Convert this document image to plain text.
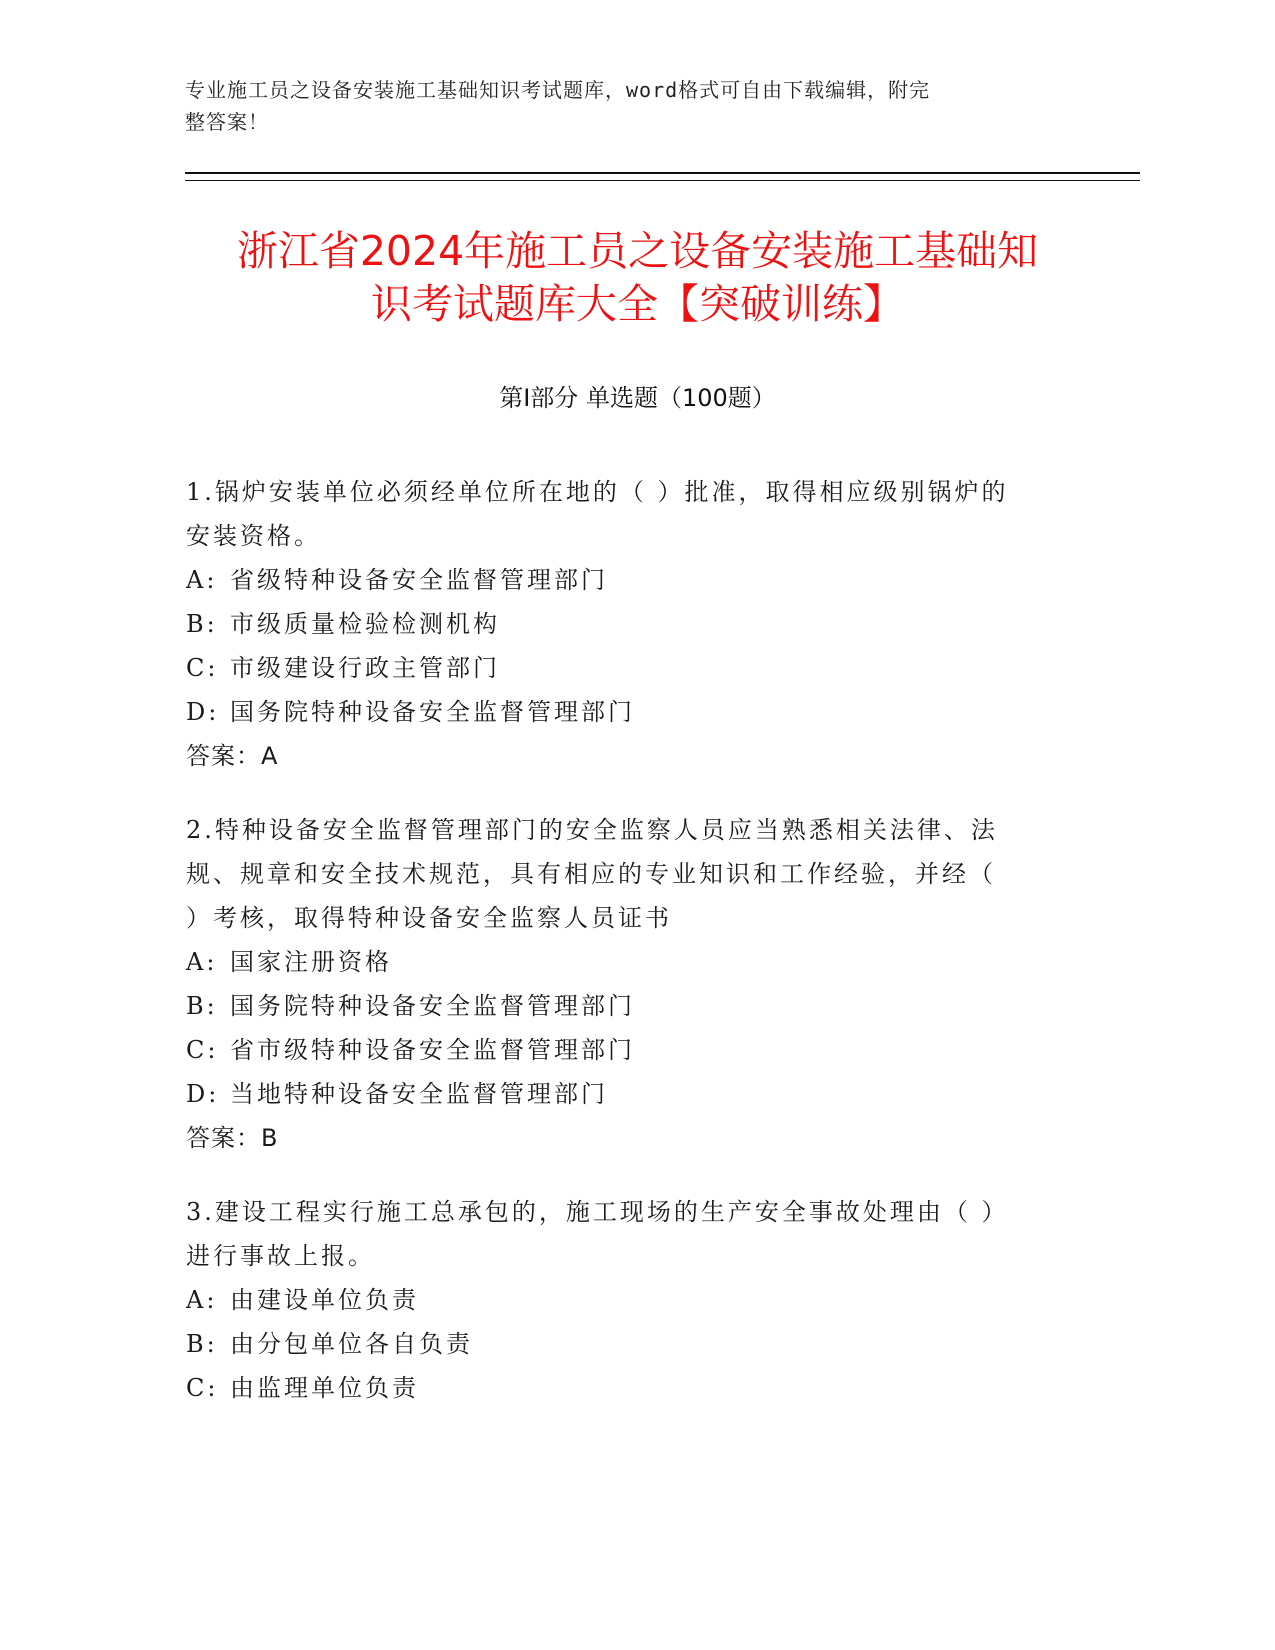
专业施工员之设备安装施工基础知识考试题库，word格式可自由下载编辑，附完
整答案！
浙江省2024年施工员之设备安装施工基础知
识考试题库大全【突破训练】
第Ⅰ部分 单选题（100题）

1.锅炉安装单位必须经单位所在地的（ ）批准，取得相应级别锅炉的

安装资格。

A: 省级特种设备安全监督管理部门

B: 市级质量检验检测机构

C: 市级建设行政主管部门

D: 国务院特种设备安全监督管理部门

答案：A

2.特种设备安全监督管理部门的安全监察人员应当熟悉相关法律、法

规、规章和安全技术规范，具有相应的专业知识和工作经验，并经（

）考核，取得特种设备安全监察人员证书

A: 国家注册资格

B: 国务院特种设备安全监督管理部门

C: 省市级特种设备安全监督管理部门

D: 当地特种设备安全监督管理部门

答案：B

3.建设工程实行施工总承包的，施工现场的生产安全事故处理由（ ）

进行事故上报。

A: 由建设单位负责

B: 由分包单位各自负责

C: 由监理单位负责
